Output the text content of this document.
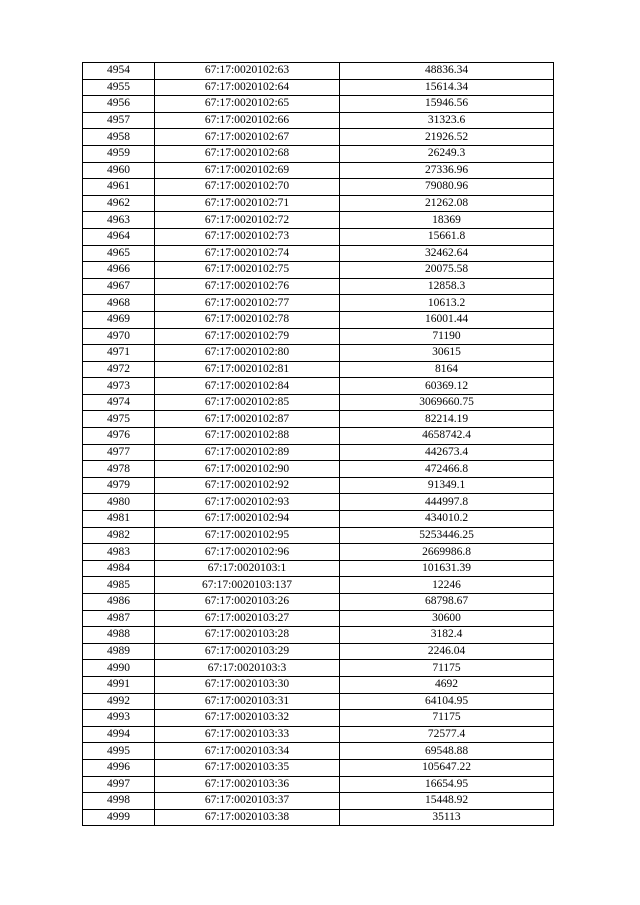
4954	67:17:0020102:63	48836.34
4955	67:17:0020102:64	15614.34
4956	67:17:0020102:65	15946.56
4957	67:17:0020102:66	31323.6
4958	67:17:0020102:67	21926.52
4959	67:17:0020102:68	26249.3
4960	67:17:0020102:69	27336.96
4961	67:17:0020102:70	79080.96
4962	67:17:0020102:71	21262.08
4963	67:17:0020102:72	18369
4964	67:17:0020102:73	15661.8
4965	67:17:0020102:74	32462.64
4966	67:17:0020102:75	20075.58
4967	67:17:0020102:76	12858.3
4968	67:17:0020102:77	10613.2
4969	67:17:0020102:78	16001.44
4970	67:17:0020102:79	71190
4971	67:17:0020102:80	30615
4972	67:17:0020102:81	8164
4973	67:17:0020102:84	60369.12
4974	67:17:0020102:85	3069660.75
4975	67:17:0020102:87	82214.19
4976	67:17:0020102:88	4658742.4
4977	67:17:0020102:89	442673.4
4978	67:17:0020102:90	472466.8
4979	67:17:0020102:92	91349.1
4980	67:17:0020102:93	444997.8
4981	67:17:0020102:94	434010.2
4982	67:17:0020102:95	5253446.25
4983	67:17:0020102:96	2669986.8
4984	67:17:0020103:1	101631.39
4985	67:17:0020103:137	12246
4986	67:17:0020103:26	68798.67
4987	67:17:0020103:27	30600
4988	67:17:0020103:28	3182.4
4989	67:17:0020103:29	2246.04
4990	67:17:0020103:3	71175
4991	67:17:0020103:30	4692
4992	67:17:0020103:31	64104.95
4993	67:17:0020103:32	71175
4994	67:17:0020103:33	72577.4
4995	67:17:0020103:34	69548.88
4996	67:17:0020103:35	105647.22
4997	67:17:0020103:36	16654.95
4998	67:17:0020103:37	15448.92
4999	67:17:0020103:38	35113
